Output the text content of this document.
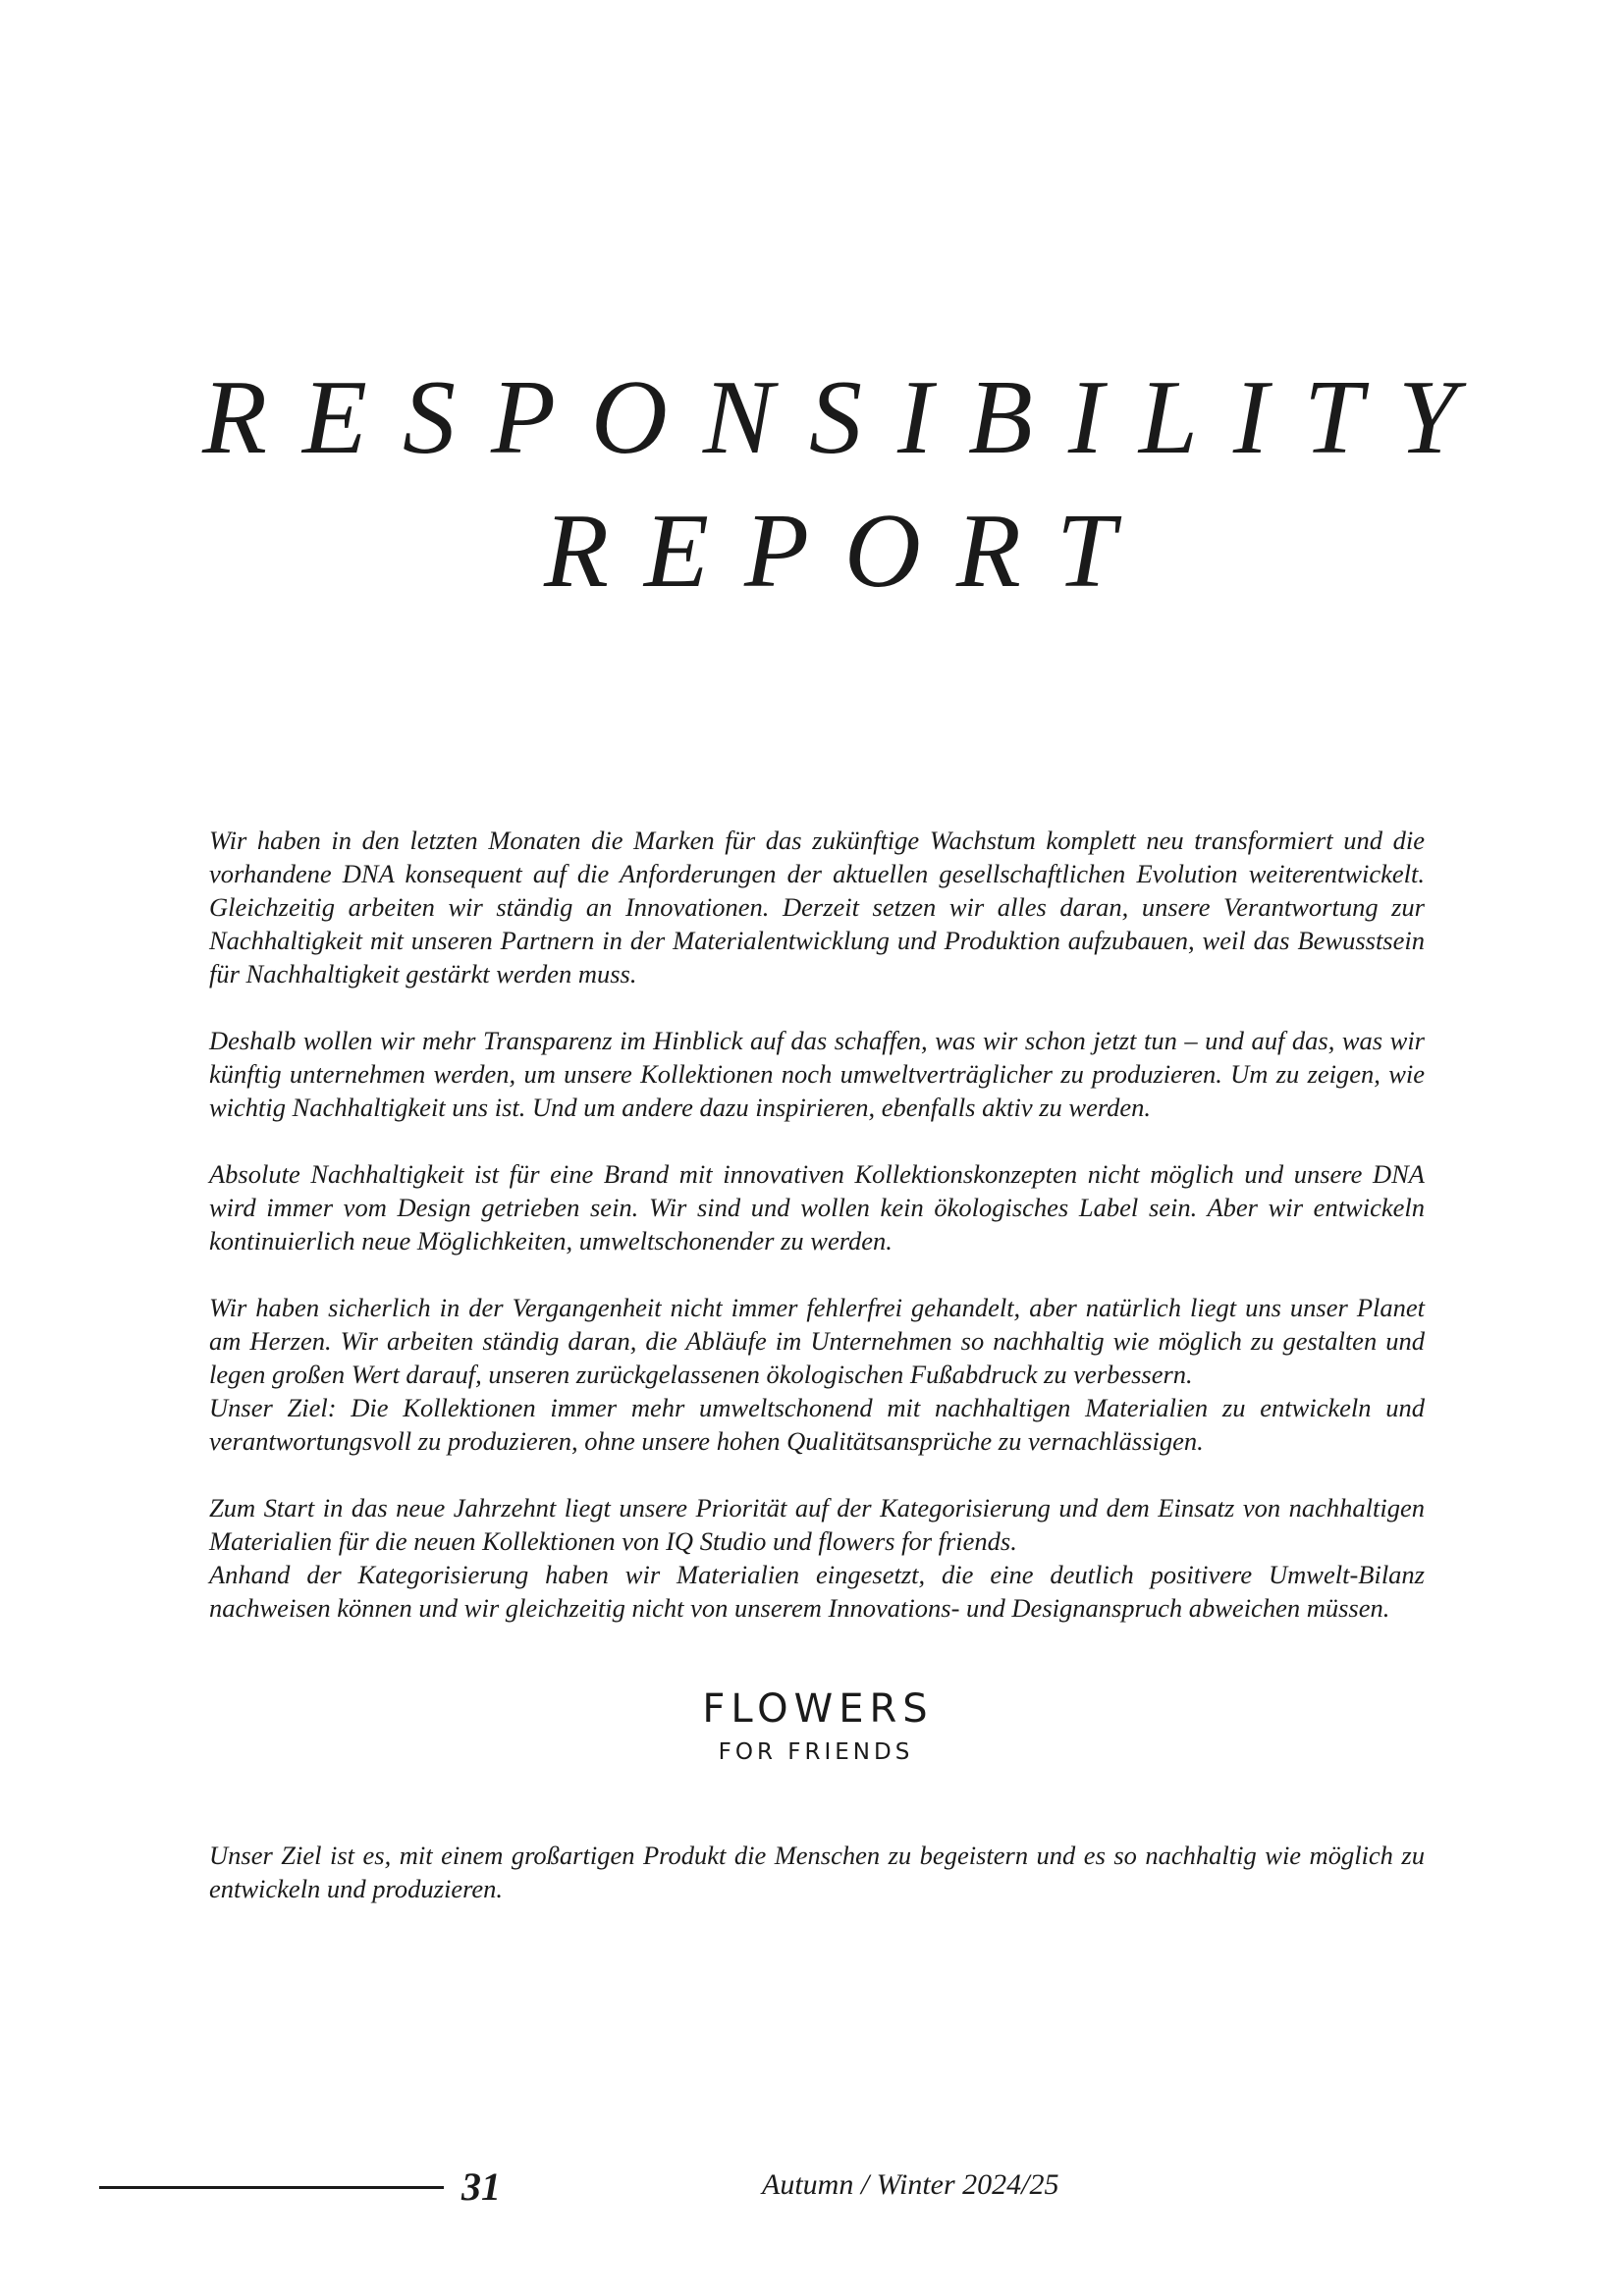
RESPONSIBILITY
REPORT

Wir haben in den letzten Monaten die Marken für das zukünftige Wachstum komplett neu transformiert und die vorhandene DNA konsequent auf die Anforderungen der aktuellen gesellschaftlichen Evolution weiterentwickelt. Gleichzeitig arbeiten wir ständig an Innovationen. Derzeit setzen wir alles daran, unsere Verantwortung zur Nachhaltigkeit mit unseren Partnern in der Materialentwicklung und Produktion aufzubauen, weil das Bewusstsein für Nachhaltigkeit gestärkt werden muss.

Deshalb wollen wir mehr Transparenz im Hinblick auf das schaffen, was wir schon jetzt tun – und auf das, was wir künftig unternehmen werden, um unsere Kollektionen noch umweltverträglicher zu produzieren. Um zu zeigen, wie wichtig Nachhaltigkeit uns ist. Und um andere dazu inspirieren, ebenfalls aktiv zu werden.

Absolute Nachhaltigkeit ist für eine Brand mit innovativen Kollektionskonzepten nicht möglich und unsere DNA wird immer vom Design getrieben sein. Wir sind und wollen kein ökologisches Label sein. Aber wir entwickeln kontinuierlich neue Möglichkeiten, umweltschonender zu werden.

Wir haben sicherlich in der Vergangenheit nicht immer fehlerfrei gehandelt, aber natürlich liegt uns unser Planet am Herzen. Wir arbeiten ständig daran, die Abläufe im Unternehmen so nachhaltig wie möglich zu gestalten und legen großen Wert darauf, unseren zurückgelassenen ökologischen Fußabdruck zu verbessern.

Unser Ziel: Die Kollektionen immer mehr umweltschonend mit nachhaltigen Materialien zu entwickeln und verantwortungsvoll zu produzieren, ohne unsere hohen Qualitätsansprüche zu vernachlässigen.

Zum Start in das neue Jahrzehnt liegt unsere Priorität auf der Kategorisierung und dem Einsatz von nachhaltigen Materialien für die neuen Kollektionen von IQ Studio und flowers for friends.

Anhand der Kategorisierung haben wir Materialien eingesetzt, die eine deutlich positivere Umwelt-Bilanz nachweisen können und wir gleichzeitig nicht von unserem Innovations- und Designanspruch abweichen müssen.

FLOWERS
FOR FRIENDS
Unser Ziel ist es, mit einem großartigen Produkt die Menschen zu begeistern und es so nachhaltig wie möglich zu entwickeln und produzieren.
31	Autumn / Winter 2024/25
